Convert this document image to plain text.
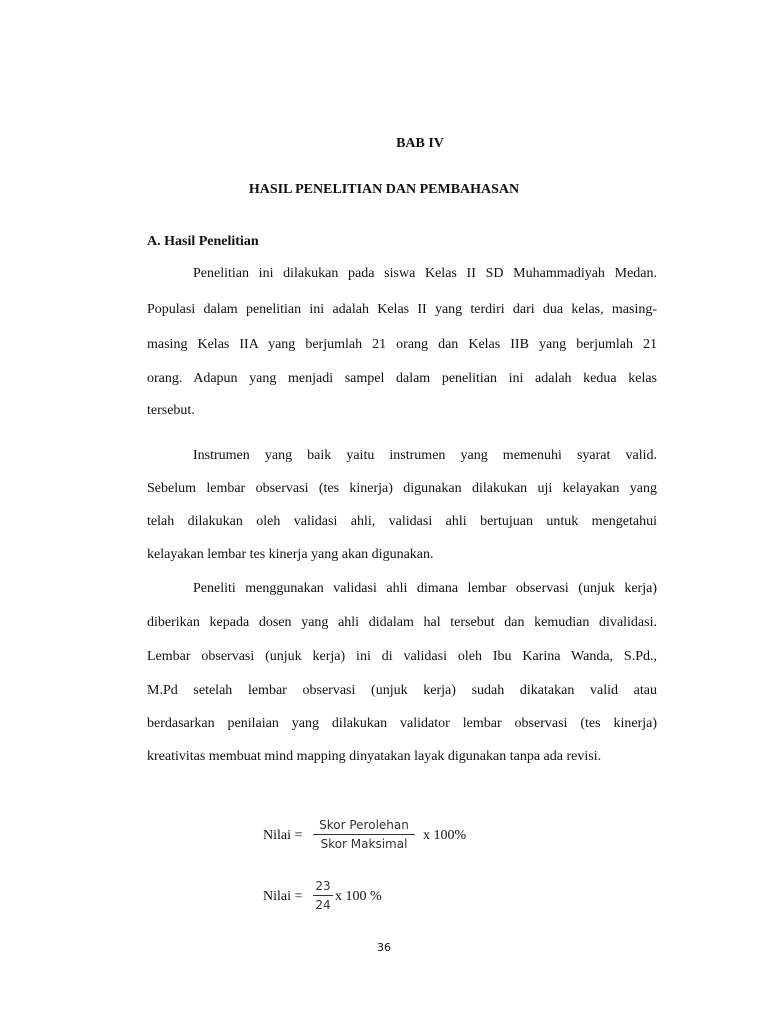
BAB IV
HASIL PENELITIAN DAN PEMBAHASAN
A. Hasil Penelitian
Penelitian ini dilakukan pada siswa Kelas II SD Muhammadiyah Medan.
Populasi dalam penelitian ini adalah Kelas II yang terdiri dari dua kelas, masing-
masing Kelas IIA yang berjumlah 21 orang dan Kelas IIB yang berjumlah 21
orang. Adapun yang menjadi sampel dalam penelitian ini adalah kedua kelas
tersebut.
Instrumen yang baik yaitu instrumen yang memenuhi syarat valid.
Sebelum lembar observasi (tes kinerja) digunakan dilakukan uji kelayakan yang
telah dilakukan oleh validasi ahli, validasi ahli bertujuan untuk mengetahui
kelayakan lembar tes kinerja yang akan digunakan.
Peneliti menggunakan validasi ahli dimana lembar observasi (unjuk kerja)
diberikan kepada dosen yang ahli didalam hal tersebut dan kemudian divalidasi.
Lembar observasi (unjuk kerja) ini di validasi oleh Ibu Karina Wanda, S.Pd.,
M.Pd setelah lembar observasi (unjuk kerja) sudah dikatakan valid atau
berdasarkan penilaian yang dilakukan validator lembar observasi (tes kinerja)
kreativitas membuat mind mapping dinyatakan layak digunakan tanpa ada revisi.
Nilai =
Skor Perolehan
Skor Maksimal
x 100%
Nilai = $\frac{23}{24}$ x 100 %
36
